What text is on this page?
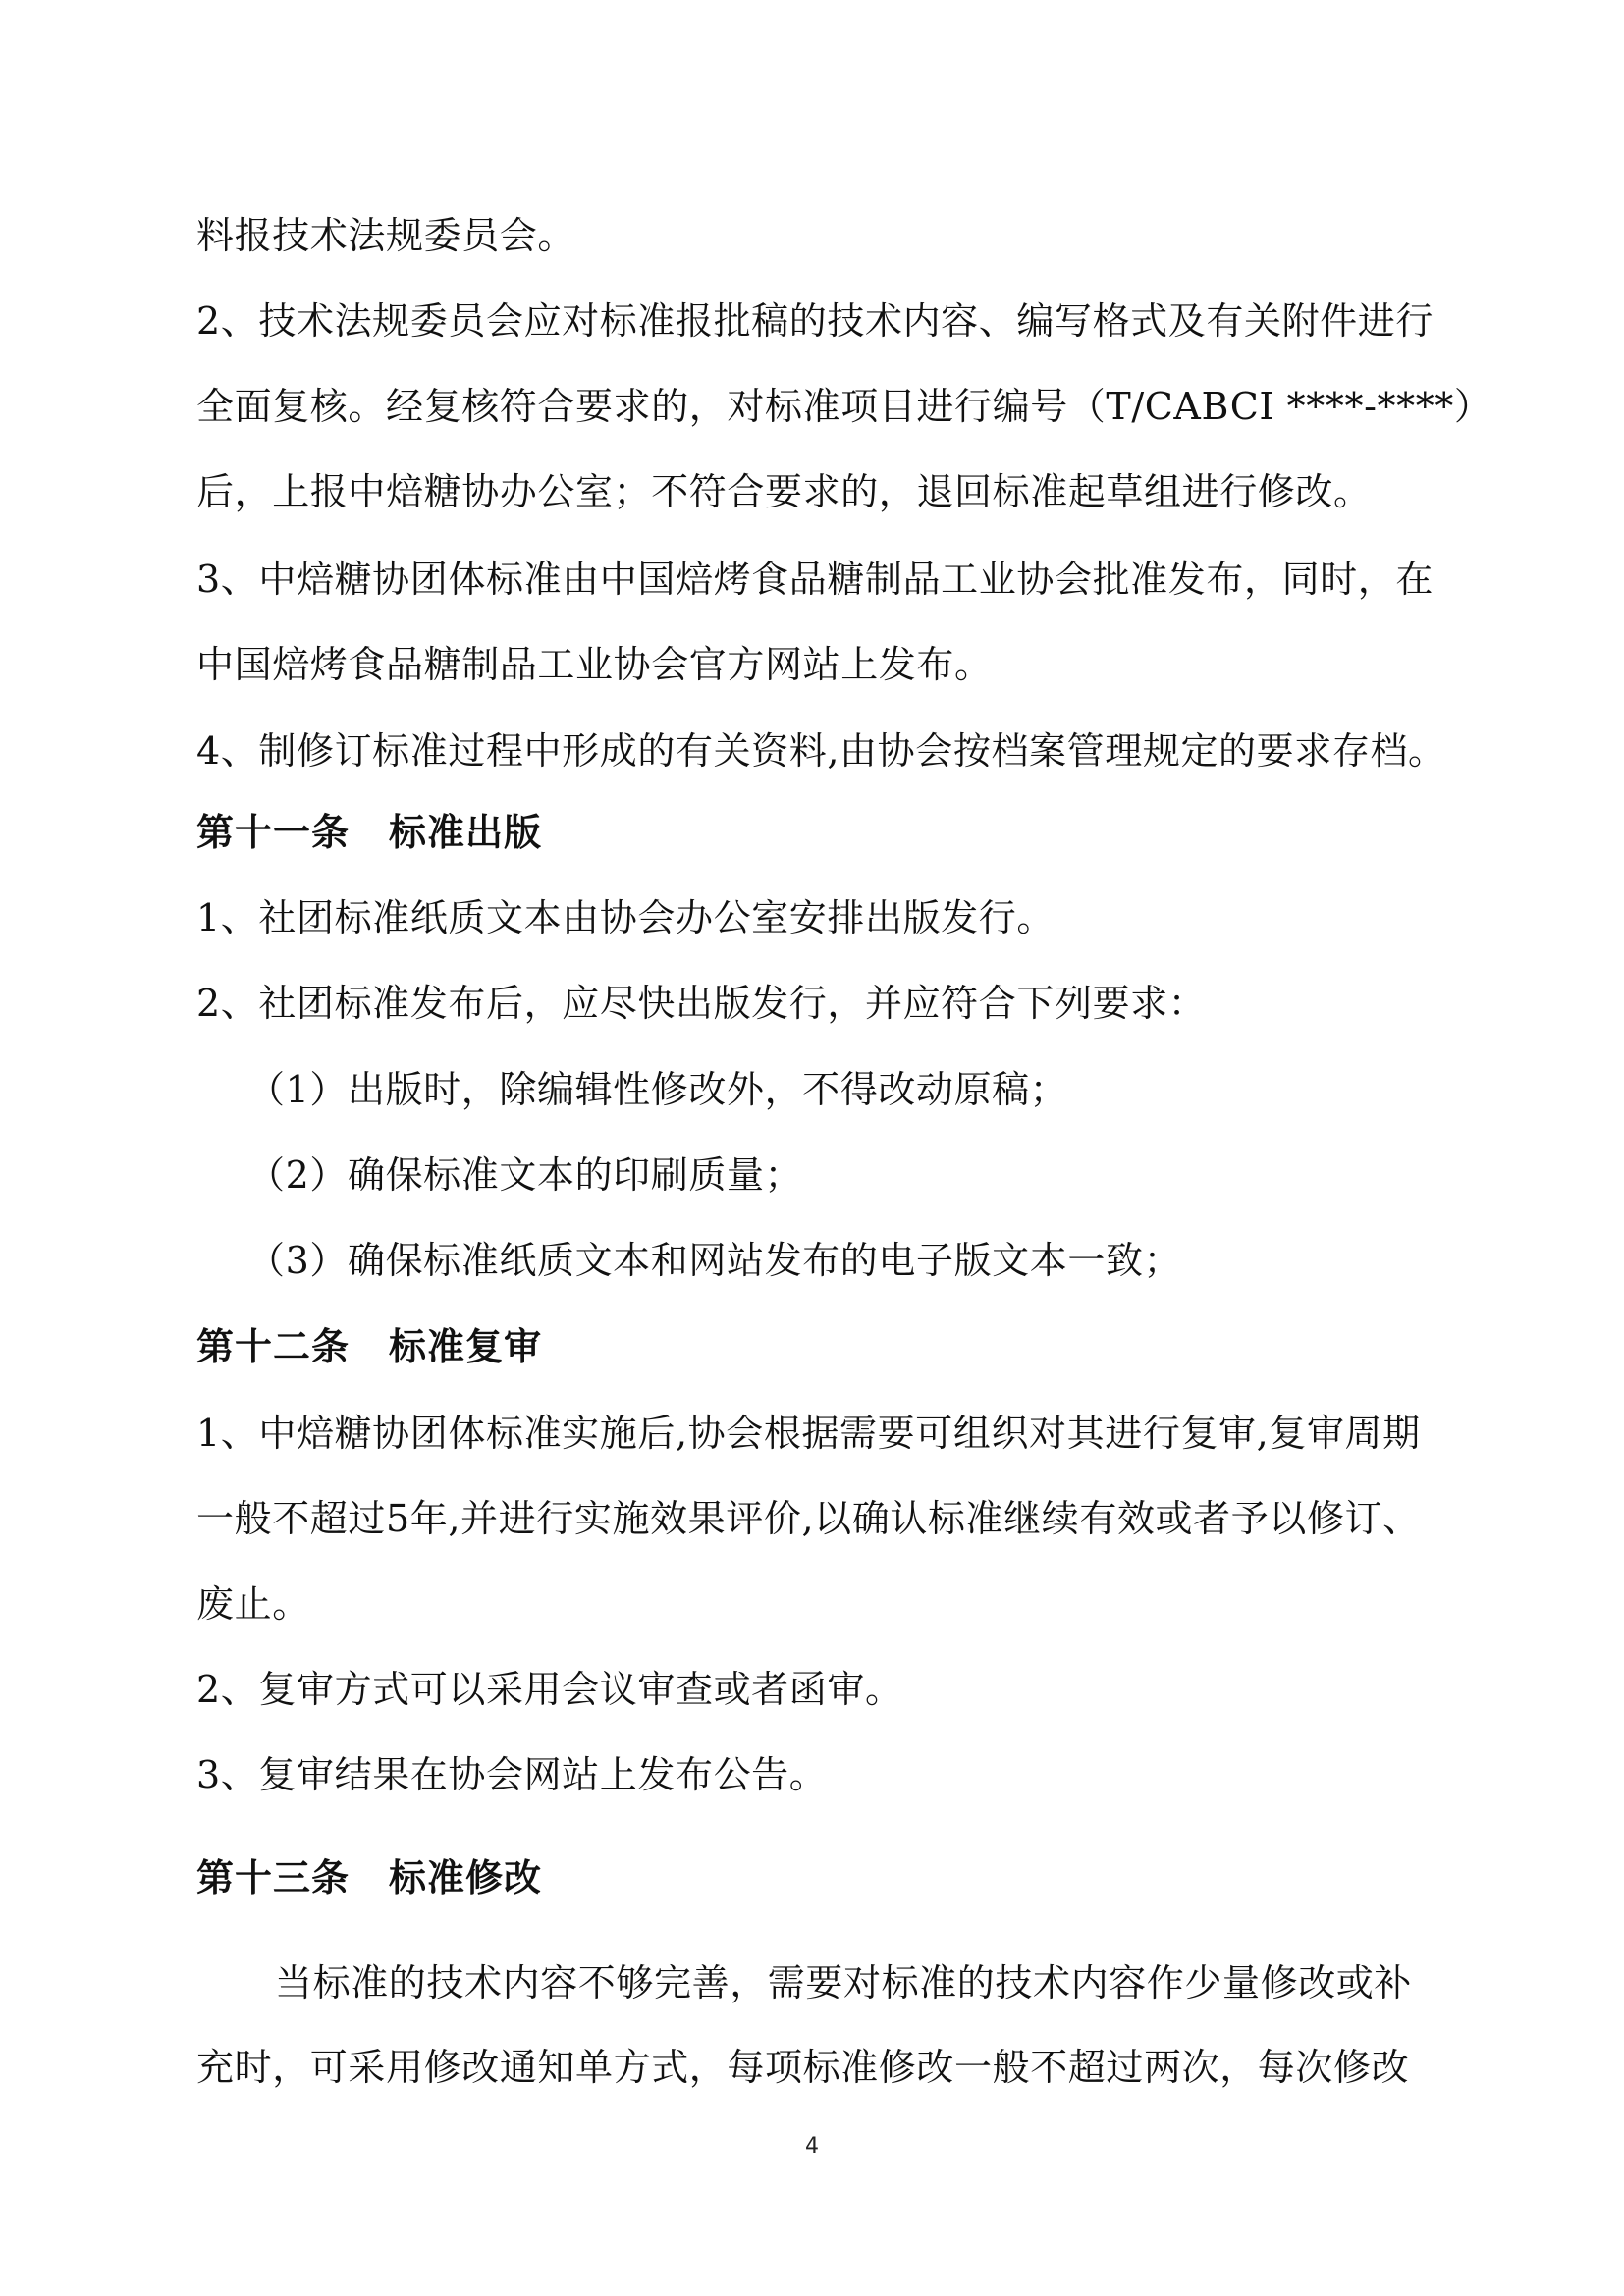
料报技术法规委员会。
2、技术法规委员会应对标准报批稿的技术内容、编写格式及有关附件进行
全面复核。经复核符合要求的，对标准项目进行编号（T/CABCI ****-****）
后，上报中焙糖协办公室；不符合要求的，退回标准起草组进行修改。
3、中焙糖协团体标准由中国焙烤食品糖制品工业协会批准发布，同时，在
中国焙烤食品糖制品工业协会官方网站上发布。
4、制修订标准过程中形成的有关资料,由协会按档案管理规定的要求存档。
第十一条 标准出版
1、社团标准纸质文本由协会办公室安排出版发行。
2、社团标准发布后，应尽快出版发行，并应符合下列要求：
（1）出版时，除编辑性修改外，不得改动原稿；
（2）确保标准文本的印刷质量；
（3）确保标准纸质文本和网站发布的电子版文本一致；
第十二条 标准复审
1、中焙糖协团体标准实施后,协会根据需要可组织对其进行复审,复审周期
一般不超过5年,并进行实施效果评价,以确认标准继续有效或者予以修订、
废止。
2、复审方式可以采用会议审查或者函审。
3、复审结果在协会网站上发布公告。
第十三条 标准修改
当标准的技术内容不够完善，需要对标准的技术内容作少量修改或补
充时，可采用修改通知单方式，每项标准修改一般不超过两次，每次修改
4
